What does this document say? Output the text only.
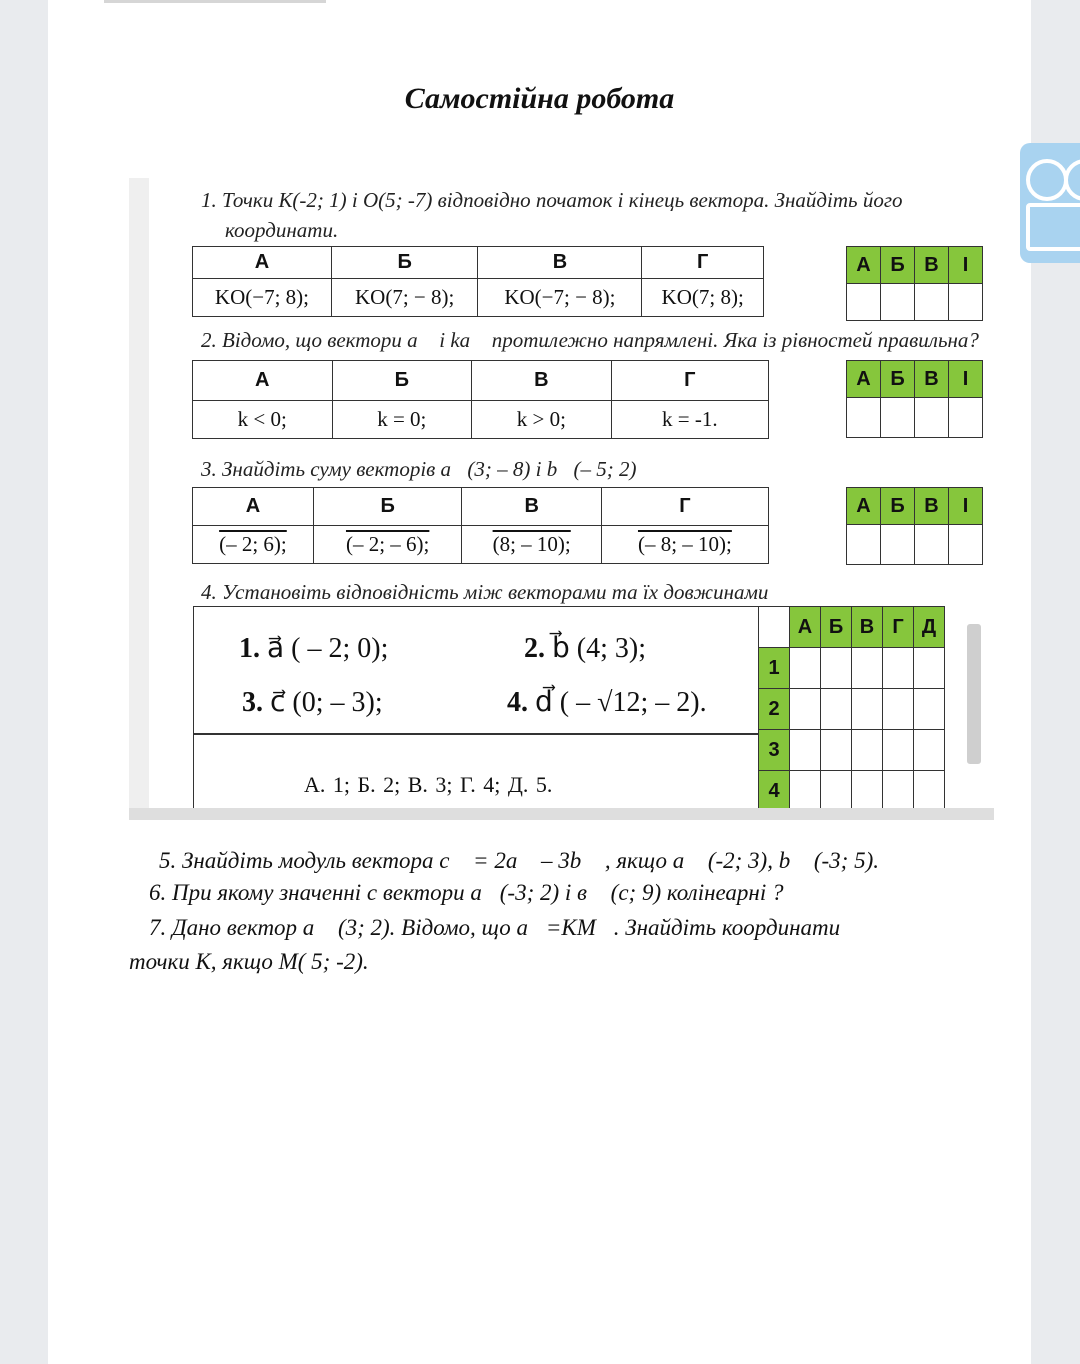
Самостійна робота
1. Точки К(-2; 1) і О(5; -7) відповідно початок і кінець вектора. Знайдіть його
координати.
А	Б	В	Г
KO(−7; 8);	KO(7; − 8);	KO(−7; − 8);	KO(7; 8);
А	Б	В	І

2. Відомо, що вектори a⃗ і ka⃗ протилежно напрямлені. Яка із рівностей правильна?
А	Б	В	Г
k < 0;	k = 0;	k > 0;	k = -1.
А	Б	В	І

3. Знайдіть суму векторів a⃗(3; – 8) і b⃗(– 5; 2)
А	Б	В	Г
(– 2; 6);	(– 2; – 6);	(8; – 10);	(– 8; – 10);
А	Б	В	І

4. Установіть відповідність між векторами та їх довжинами
1. a⃗ ( – 2; 0);	2. b⃗ (4; 3);
3. c⃗ (0; – 3);	4. d⃗ ( – √12; – 2).
А. 1; Б. 2; В. 3; Г. 4; Д. 5.
	А	Б	В	Г	Д
1					
2					
3					
4					
5. Знайдіть модуль вектора c⃗ = 2a⃗ – 3b⃗ , якщо a⃗ (-2; 3), b⃗ (-3; 5).
6. При якому значенні с вектори a⃗(-3; 2) і в⃗ (с; 9) колінеарні ?
7. Дано вектор a⃗ (3; 2). Відомо, що a⃗=KM⃗. Знайдіть координати
точки К, якщо М( 5; -2).
